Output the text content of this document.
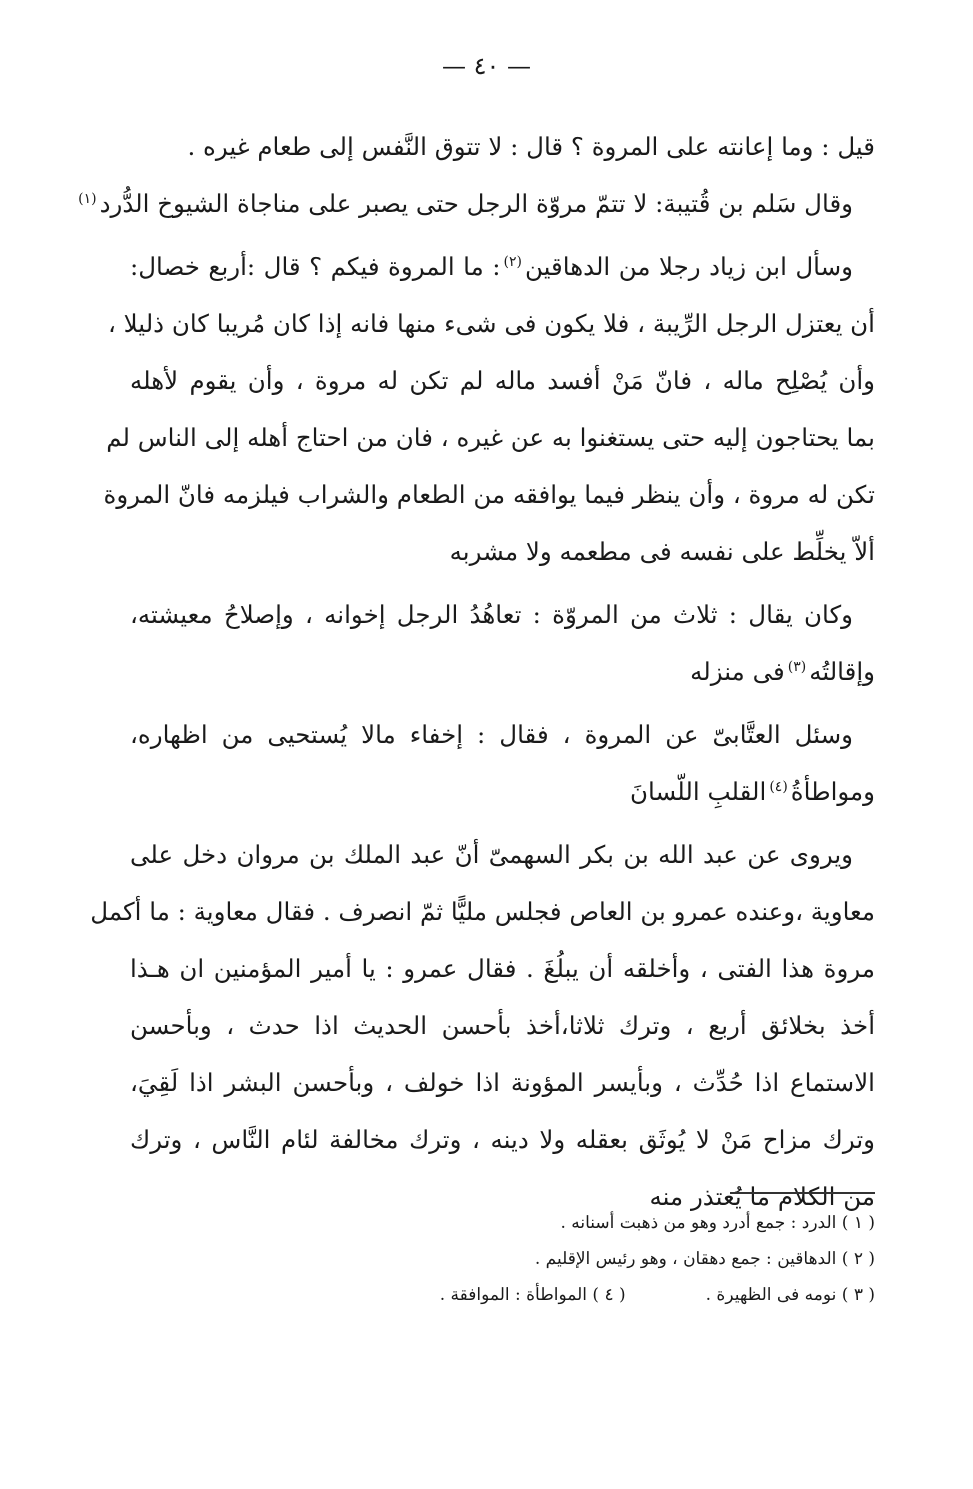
— ٤٠ —
قيل : وما إعانته على المروة ؟ قال : لا تتوق النَّفس إلى طعام غيره .
وقال سَلم بن قُتيبة: لا تتمّ مروّة الرجل حتى يصبر على مناجاة الشيوخ الدُّرد$^{(١)}$
وسأل ابن زياد رجلا من الدهاقين$^{(٢)}$: ما المروة فيكم ؟ قال :أربع خصال:
أن يعتزل الرجل الرِّيبة ، فلا يكون فى شىء منها فانه إذا كان مُريبا كان ذليلا ،
وأن يُصْلِح ماله ، فانّ مَنْ أفسد ماله لم تكن له مروة ، وأن يقوم لأهله
بما يحتاجون إليه حتى يستغنوا به عن غيره ، فان من احتاج أهله إلى الناس لم
تكن له مروة ، وأن ينظر فيما يوافقه من الطعام والشراب فيلزمه فانّ المروة
ألاّ يخلِّط على نفسه فى مطعمه ولا مشربه
وكان يقال : ثلاث من المروّة : تعاهُدُ الرجل إخوانه ، وإصلاحُ معيشته،
وإقالتُه$^{(٣)}$فى منزله
وسئل العتَّابىّ عن المروة ، فقال : إخفاء مالا يُستحيى من اظهاره،
ومواطأةُ$^{(٤)}$القلبِ اللّسانَ
ويروى عن عبد الله بن بكر السهمىّ أنّ عبد الملك بن مروان دخل على
معاوية ،وعنده عمرو بن العاص فجلس مليًّا ثمّ انصرف . فقال معاوية : ما أكمل
مروة هذا الفتى ، وأخلقه أن يبلُغَ . فقال عمرو : يا أمير المؤمنين ان هـذا
أخذ بخلائق أربع ، وترك ثلاثا،أخذ بأحسن الحديث اذا حدث ، وبأحسن
الاستماع اذا حُدِّث ، وبأيسر المؤونة اذا خولف ، وبأحسن البشر اذا لَقِيَ،
وترك مزاح مَنْ لا يُوثَق بعقله ولا دينه ، وترك مخالفة لئام النَّاس ، وترك
من الكلام ما يُعتذر منه
( ١ ) الدرد : جمع أدرد وهو من ذهبت أسنانه .
( ٢ ) الدهاقين : جمع دهقان ، وهو رئيس الإقليم .
( ٣ ) نومه فى الظهيرة .
( ٤ ) المواطأة : الموافقة .
